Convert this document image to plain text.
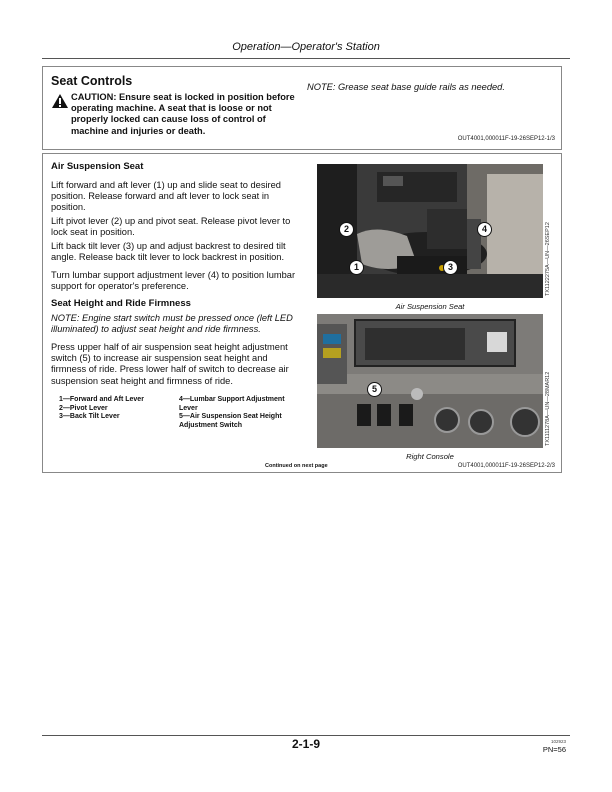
Operation—Operator's Station
Seat Controls
CAUTION: Ensure seat is locked in position before operating machine. A seat that is loose or not properly locked can cause loss of control of machine and injuries or death.
NOTE: Grease seat base guide rails as needed.
OUT4001,000011F-19-26SEP12-1/3
Air Suspension Seat
Lift forward and aft lever (1) up and slide seat to desired position. Release forward and aft lever to lock seat in position.
Lift pivot lever (2) up and pivot seat. Release pivot lever to lock seat in position.
Lift back tilt lever (3) up and adjust backrest to desired tilt angle. Release back tilt lever to lock backrest in position.
Turn lumbar support adjustment lever (4) to position lumbar support for operator's preference.
Seat Height and Ride Firmness
NOTE: Engine start switch must be pressed once (left LED illuminated) to adjust seat height and ride firmness.
Press upper half of air suspension seat height adjustment switch (5) to increase air suspension seat height and firmness of ride. Press lower half of switch to decrease air suspension seat height and firmness of ride.
1—Forward and Aft Lever
2—Pivot Lever
3—Back Tilt Lever
4—Lumbar Support Adjustment Lever
5—Air Suspension Seat Height Adjustment Switch
2
1	3
4	TX1122275A—UN—26SEP12
Air Suspension Seat
5	TX1111278A—UN—28MAR12
Right Console
Continued on next page	OUT4001,000011F-19-26SEP12-2/3
2-1-9	102923
PN=56
